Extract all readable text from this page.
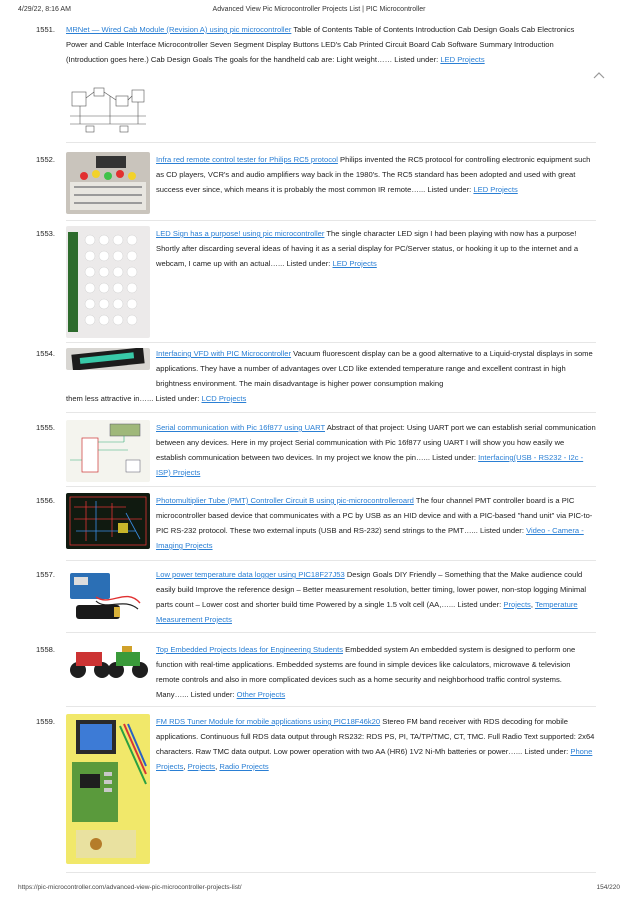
4/29/22, 8:16 AM	Advanced View Pic Microcontroller Projects List | PIC Microcontroller
1551.	MRNet — Wired Cab Module (Revision A) using pic microcontroller Table of Contents Table of Contents Introduction Cab Design Goals Cab Electronics Power and Cable Interface Microcontroller Seven Segment Display Buttons LED's Cab Printed Circuit Board Cab Software Summary Introduction (Introduction goes here.) Cab Design Goals The goals for the handheld cab are: Light weight…… Listed under: LED Projects
1552.	Infra red remote control tester for Philips RC5 protocol Philips invented the RC5 protocol for controlling electronic equipment such as CD players, VCR's and audio amplifiers way back in the 1980's. The RC5 standard has been adopted and used with great success ever since, which means it is probably the most common IR remote…... Listed under: LED Projects
1553.	LED Sign has a purpose! using pic microcontroller The single character LED sign I had been playing with now has a purpose! Shortly after discarding several ideas of having it as a serial display for PC/Server status, or hooking it up to the internet and a webcam, I came up with an actual…... Listed under: LED Projects
1554.	Interfacing VFD with PIC Microcontroller Vacuum fluorescent display can be a good alternative to a Liquid-crystal displays in some applications. They have a number of advantages over LCD like extended temperature range and excellent contrast in high brightness environment. The main disadvantage is higher power consumption making
them less attractive in…... Listed under: LCD Projects
1555.	Serial communication with Pic 16f877 using UART Abstract of that project: Using UART port we can establish serial communication between any devices. Here in my project Serial communication with Pic 16f877 using UART I will show you how easily we establish communication between two devices. In my project we know the pin…... Listed under: Interfacing(USB - RS232 - I2c -ISP) Projects
1556.	Photomultiplier Tube (PMT) Controller Circuit B using pic-microcontrolleroard The four channel PMT controller board is a PIC microcontroller based device that communicates with a PC by USB as an HID device and with a PIC-based "hand unit" via PIC-to-PIC RS-232 protocol. These two external inputs (USB and RS-232) send strings to the PMT…... Listed under: Video - Camera - Imaging Projects
1557.	Low power temperature data logger using PIC18F27J53 Design Goals DIY Friendly – Something that the Make audience could easily build Improve the reference design – Better measurement resolution, better timing, lower power, non-stop logging Minimal parts count – Lower cost and shorter build time Powered by a single 1.5 volt cell (AA,…... Listed under: Projects, Temperature Measurement Projects
1558.	Top Embedded Projects Ideas for Engineering Students Embedded system An embedded system is designed to perform one function with real-time applications. Embedded systems are found in simple devices like calculators, microwave & television remote controls and also in more complicated devices such as a home security and neighborhood traffic control systems. Many…... Listed under: Other Projects
1559.	FM RDS Tuner Module for mobile applications using PIC18F46k20 Stereo FM band receiver with RDS decoding for mobile applications. Continuous full RDS data output through RS232: RDS PS, PI, TA/TP/TMC, CT, TMC. Full Radio Text supported: 2x64 characters. Raw TMC data output. Low power operation with two AA (HR6) 1V2 Ni-Mh batteries or power…... Listed under: Phone Projects, Projects, Radio Projects
https://pic-microcontroller.com/advanced-view-pic-microcontroller-projects-list/	154/220
